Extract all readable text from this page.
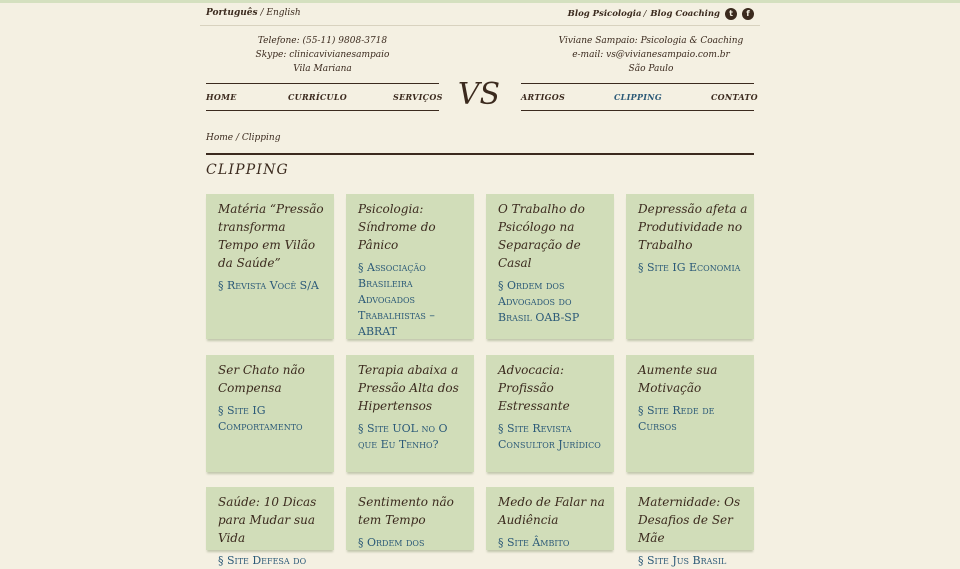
Português / English	Blog Psicologia / Blog Coaching	t	f
Telefone: (55-11) 9808-3718
Skype: clinicavivianesampaio
Vila Mariana
Viviane Sampaio: Psicologia & Coaching
e-mail: vs@vivianesampaio.com.br
São Paulo
HOME	CURRÍCULO	SERVIÇOS	ARTIGOS	CLIPPING	CONTATO
VS
Home / Clipping
CLIPPING
Matéria “Pressão transforma Tempo em Vilão da Saúde”
§ Revista Você S/A
Psicologia: Síndrome do Pânico
§ Associação Brasileira Advogados Trabalhistas – ABRAT
O Trabalho do Psicólogo na Separação de Casal
§ Ordem dos Advogados do Brasil OAB-SP
Depressão afeta a Produtividade no Trabalho
§ Site IG Economia
Ser Chato não Compensa
§ Site IG Comportamento
Terapia abaixa a Pressão Alta dos Hipertensos
§ Site UOL no O que Eu Tenho?
Advocacia: Profissão Estressante
§ Site Revista Consultor Jurídico
Aumente sua Motivação
§ Site Rede de Cursos
Saúde: 10 Dicas para Mudar sua Vida
§ Site Defesa do
Sentimento não tem Tempo
§ Ordem dos
Medo de Falar na Audiência
§ Site Âmbito
Maternidade: Os Desafios de Ser Mãe
§ Site Jus Brasil
